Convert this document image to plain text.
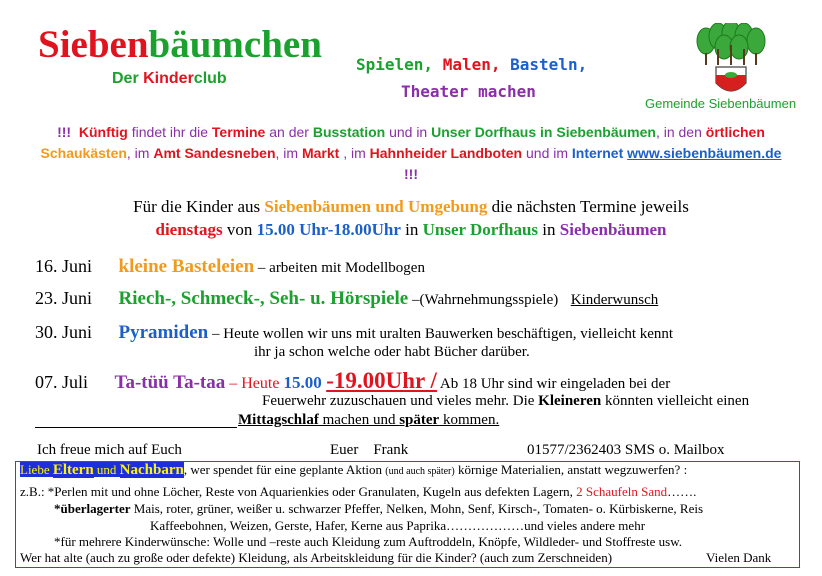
Siebenbäumchen
Der Kinderclub
Spielen, Malen, Basteln,
Theater machen
Gemeinde Siebenbäumen
!!! Künftig findet ihr die Termine an der Busstation und in Unser Dorfhaus in Siebenbäumen, in den örtlichen
Schaukästen, im Amt Sandesneben, im Markt , im Hahnheider Landboten und im Internet www.siebenbäumen.de
!!!
Für die Kinder aus Siebenbäumen und Umgebung die nächsten Termine jeweils
dienstags von 15.00 Uhr-18.00Uhr in Unser Dorfhaus in Siebenbäumen
16. Juni kleine Basteleien – arbeiten mit Modellbogen
23. Juni Riech-, Schmeck-, Seh- u. Hörspiele –(Wahrnehmungsspiele) Kinderwunsch
30. Juni Pyramiden – Heute wollen wir uns mit uralten Bauwerken beschäftigen, vielleicht kennt
ihr ja schon welche oder habt Bücher darüber.
07. Juli Ta-tüü Ta-taa – Heute 15.00 -19.00Uhr / Ab 18 Uhr sind wir eingeladen bei der
Feuerwehr zuzuschauen und vieles mehr. Die Kleineren könnten vielleicht einen
Mittagschlaf machen und später kommen.
Ich freue mich auf Euch	Euer    Frank	01577/2362403 SMS o. Mailbox
Liebe Eltern und Nachbarn, wer spendet für eine geplante Aktion (und auch später) körnige Materialien, anstatt wegzuwerfen? :
z.B.: *Perlen mit und ohne Löcher, Reste von Aquarienkies oder Granulaten, Kugeln aus defekten Lagern, 2 Schaufeln Sand…….
*überlagerter Mais, roter, grüner, weißer u. schwarzer Pfeffer, Nelken, Mohn, Senf, Kirsch-, Tomaten- o. Kürbiskerne, Reis
Kaffeebohnen, Weizen, Gerste, Hafer, Kerne aus Paprika………………und vieles andere mehr
*für mehrere Kinderwünsche: Wolle und –reste auch Kleidung zum Auftroddeln, Knöpfe, Wildleder- und Stoffreste usw.
Wer hat alte (auch zu große oder defekte) Kleidung, als Arbeitskleidung für die Kinder? (auch zum Zerschneiden)	Vielen Dank
